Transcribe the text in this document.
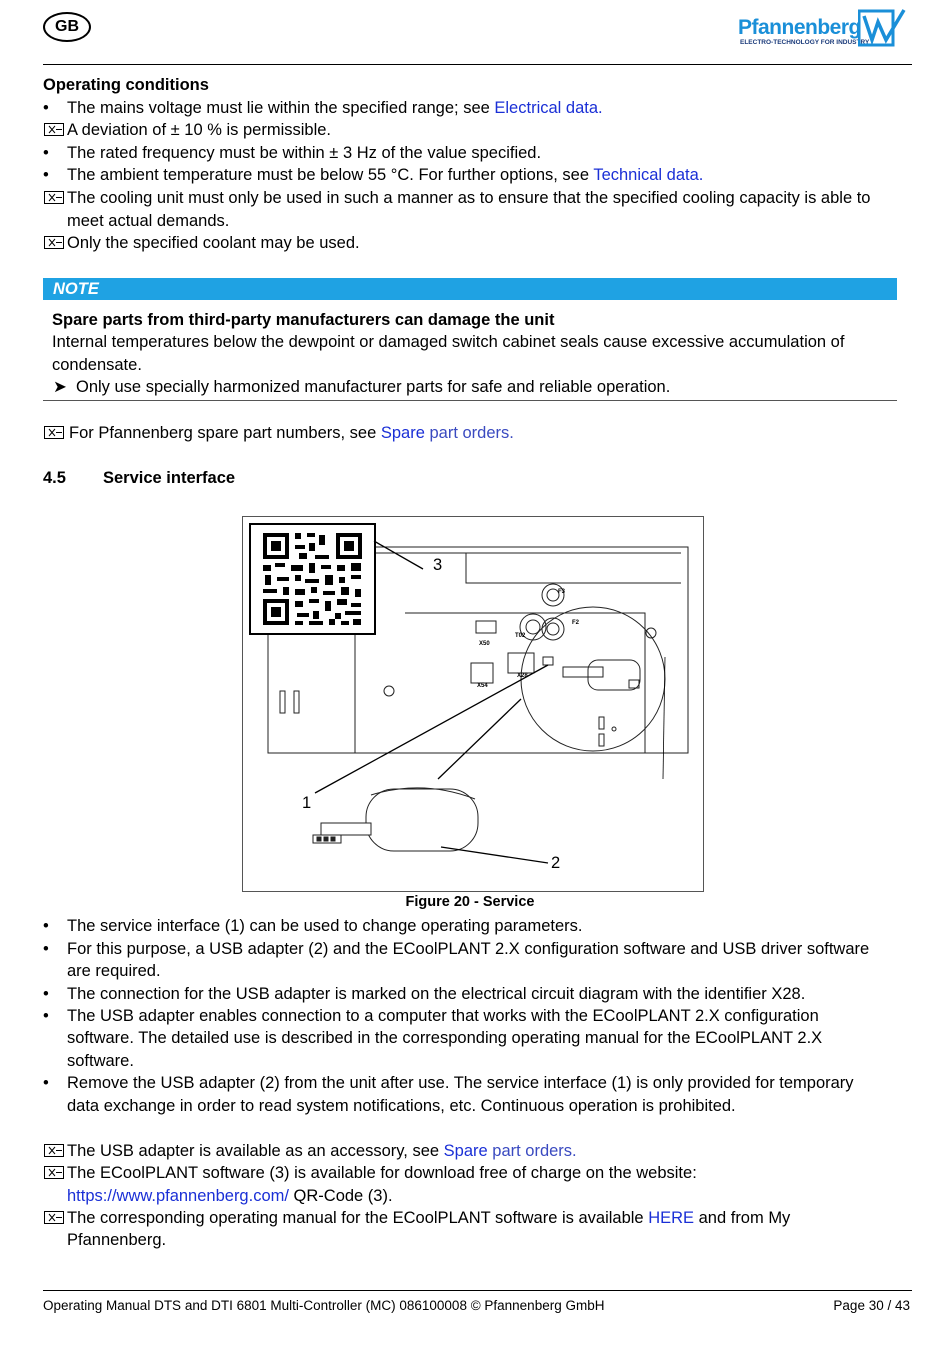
GB	Pfannenberg
ELECTRO-TECHNOLOGY FOR INDUSTRY
Operating conditions
• The mains voltage must lie within the specified range; see Electrical data.
A deviation of ± 10 % is permissible.
• The rated frequency must be within ± 3 Hz of the value specified.
• The ambient temperature must be below 55 °C. For further options, see Technical data.
The cooling unit must only be used in such a manner as to ensure that the specified cooling capacity is able to
meet actual demands.
Only the specified coolant may be used.
NOTE
Spare parts from third-party manufacturers can damage the unit
Internal temperatures below the dewpoint or damaged switch cabinet seals cause excessive accumulation of
condensate.
➤ Only use specially harmonized manufacturer parts for safe and reliable operation.
For Pfannenberg spare part numbers, see Spare part orders.
4.5 Service interface
3
1
2
F3
F2
X50
T02
X54
X28
Figure 20 - Service
• The service interface (1) can be used to change operating parameters.
• For this purpose, a USB adapter (2) and the ECoolPLANT 2.X configuration software and USB driver software
are required.
• The connection for the USB adapter is marked on the electrical circuit diagram with the identifier X28.
• The USB adapter enables connection to a computer that works with the ECoolPLANT 2.X configuration
software. The detailed use is described in the corresponding operating manual for the ECoolPLANT 2.X
software.
• Remove the USB adapter (2) from the unit after use. The service interface (1) is only provided for temporary
data exchange in order to read system notifications, etc. Continuous operation is prohibited.
The USB adapter is available as an accessory, see Spare part orders.
The ECoolPLANT software (3) is available for download free of charge on the website:
https://www.pfannenberg.com/ QR-Code (3).
The corresponding operating manual for the ECoolPLANT software is available HERE and from My
Pfannenberg.
Operating Manual DTS and DTI 6801 Multi-Controller (MC) 086100008 © Pfannenberg GmbH	Page 30 / 43
